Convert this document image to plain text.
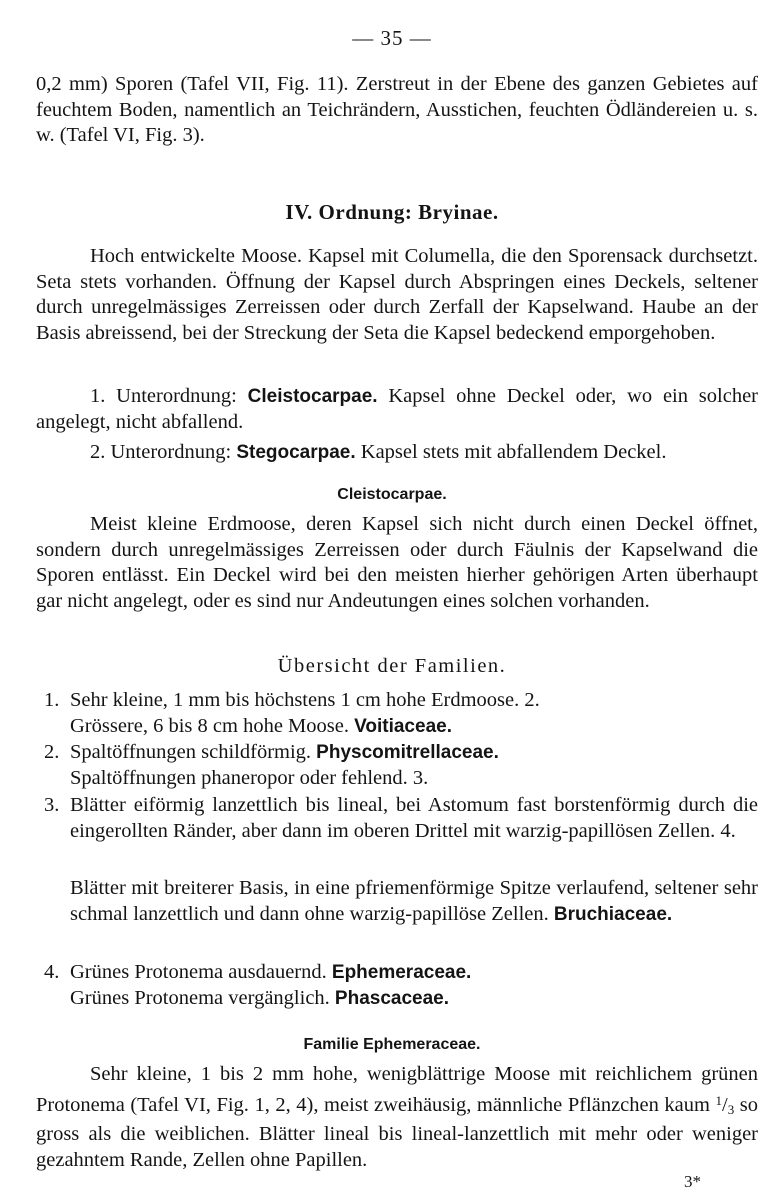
— 35 —
0,2 mm) Sporen (Tafel VII, Fig. 11). Zerstreut in der Ebene des ganzen Gebietes auf feuchtem Boden, namentlich an Teichrändern, Ausstichen, feuchten Ödländereien u. s. w. (Tafel VI, Fig. 3).
IV. Ordnung: Bryinae.
Hoch entwickelte Moose. Kapsel mit Columella, die den Sporensack durchsetzt. Seta stets vorhanden. Öffnung der Kapsel durch Abspringen eines Deckels, seltener durch unregelmässiges Zerreissen oder durch Zerfall der Kapselwand. Haube an der Basis abreissend, bei der Streckung der Seta die Kapsel bedeckend emporgehoben.
1. Unterordnung: Cleistocarpae. Kapsel ohne Deckel oder, wo ein solcher angelegt, nicht abfallend.
2. Unterordnung: Stegocarpae. Kapsel stets mit abfallendem Deckel.
Cleistocarpae.
Meist kleine Erdmoose, deren Kapsel sich nicht durch einen Deckel öffnet, sondern durch unregelmässiges Zerreissen oder durch Fäulnis der Kapselwand die Sporen entlässt. Ein Deckel wird bei den meisten hierher gehörigen Arten überhaupt gar nicht angelegt, oder es sind nur Andeutungen eines solchen vorhanden.
Übersicht der Familien.
1. Sehr kleine, 1 mm bis höchstens 1 cm hohe Erdmoose. 2.
Grössere, 6 bis 8 cm hohe Moose. Voitiaceae.
2. Spaltöffnungen schildförmig. Physcomitrellaceae.
Spaltöffnungen phaneropor oder fehlend. 3.
3. Blätter eiförmig lanzettlich bis lineal, bei Astomum fast borstenförmig durch die eingerollten Ränder, aber dann im oberen Drittel mit warzig-papillösen Zellen. 4.
Blätter mit breiterer Basis, in eine pfriemenförmige Spitze verlaufend, seltener sehr schmal lanzettlich und dann ohne warzig-papillöse Zellen. Bruchiaceae.
4. Grünes Protonema ausdauernd. Ephemeraceae.
Grünes Protonema vergänglich. Phascaceae.
Familie Ephemeraceae.
Sehr kleine, 1 bis 2 mm hohe, wenigblättrige Moose mit reichlichem grünen Protonema (Tafel VI, Fig. 1, 2, 4), meist zweihäusig, männliche Pflänzchen kaum $^1/_3$ so gross als die weiblichen. Blätter lineal bis lineal-lanzettlich mit mehr oder weniger gezahntem Rande, Zellen ohne Papillen.
3*
